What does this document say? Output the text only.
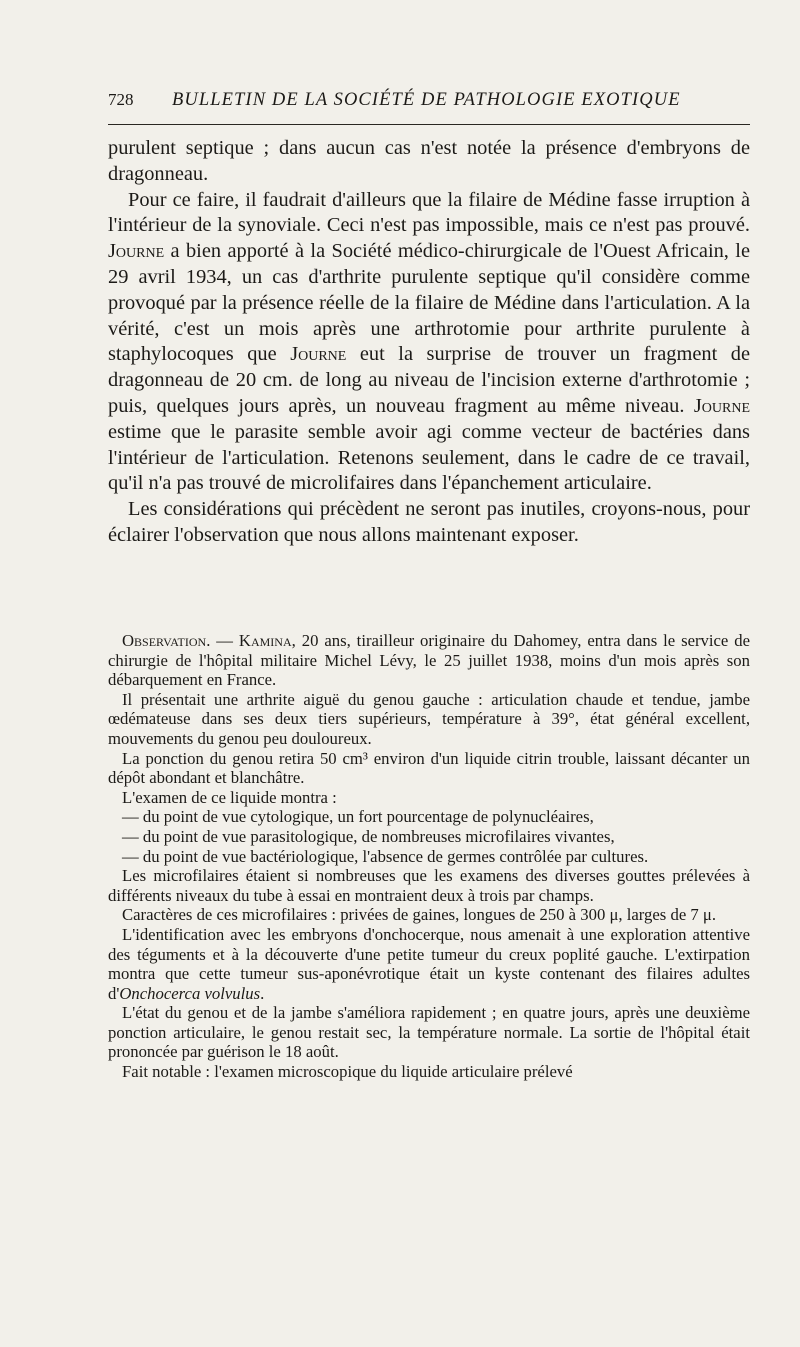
728 BULLETIN DE LA SOCIÉTÉ DE PATHOLOGIE EXOTIQUE

purulent septique ; dans aucun cas n'est notée la présence d'embryons de dragonneau.

Pour ce faire, il faudrait d'ailleurs que la filaire de Médine fasse irruption à l'intérieur de la synoviale. Ceci n'est pas impossible, mais ce n'est pas prouvé. Journe a bien apporté à la Société médico-chirurgicale de l'Ouest Africain, le 29 avril 1934, un cas d'arthrite purulente septique qu'il considère comme provoqué par la présence réelle de la filaire de Médine dans l'articulation. A la vérité, c'est un mois après une arthrotomie pour arthrite purulente à staphylocoques que Journe eut la surprise de trouver un fragment de dragonneau de 20 cm. de long au niveau de l'incision externe d'arthrotomie ; puis, quelques jours après, un nouveau fragment au même niveau. Journe estime que le parasite semble avoir agi comme vecteur de bactéries dans l'intérieur de l'articulation. Retenons seulement, dans le cadre de ce travail, qu'il n'a pas trouvé de microlifaires dans l'épanchement articulaire.

Les considérations qui précèdent ne seront pas inutiles, croyons-nous, pour éclairer l'observation que nous allons maintenant exposer.

Observation. — Kamina, 20 ans, tirailleur originaire du Dahomey, entra dans le service de chirurgie de l'hôpital militaire Michel Lévy, le 25 juillet 1938, moins d'un mois après son débarquement en France.

Il présentait une arthrite aiguë du genou gauche : articulation chaude et tendue, jambe œdémateuse dans ses deux tiers supérieurs, température à 39°, état général excellent, mouvements du genou peu douloureux.

La ponction du genou retira 50 cm³ environ d'un liquide citrin trouble, laissant décanter un dépôt abondant et blanchâtre.

L'examen de ce liquide montra :

— du point de vue cytologique, un fort pourcentage de polynucléaires,

— du point de vue parasitologique, de nombreuses microfilaires vivantes,

— du point de vue bactériologique, l'absence de germes contrôlée par cultures.

Les microfilaires étaient si nombreuses que les examens des diverses gouttes prélevées à différents niveaux du tube à essai en montraient deux à trois par champs.

Caractères de ces microfilaires : privées de gaines, longues de 250 à 300 μ, larges de 7 μ.

L'identification avec les embryons d'onchocerque, nous amenait à une exploration attentive des téguments et à la découverte d'une petite tumeur du creux poplité gauche. L'extirpation montra que cette tumeur sus-aponévrotique était un kyste contenant des filaires adultes d'Onchocerca volvulus.

L'état du genou et de la jambe s'améliora rapidement ; en quatre jours, après une deuxième ponction articulaire, le genou restait sec, la température normale. La sortie de l'hôpital était prononcée par guérison le 18 août.

Fait notable : l'examen microscopique du liquide articulaire prélevé
